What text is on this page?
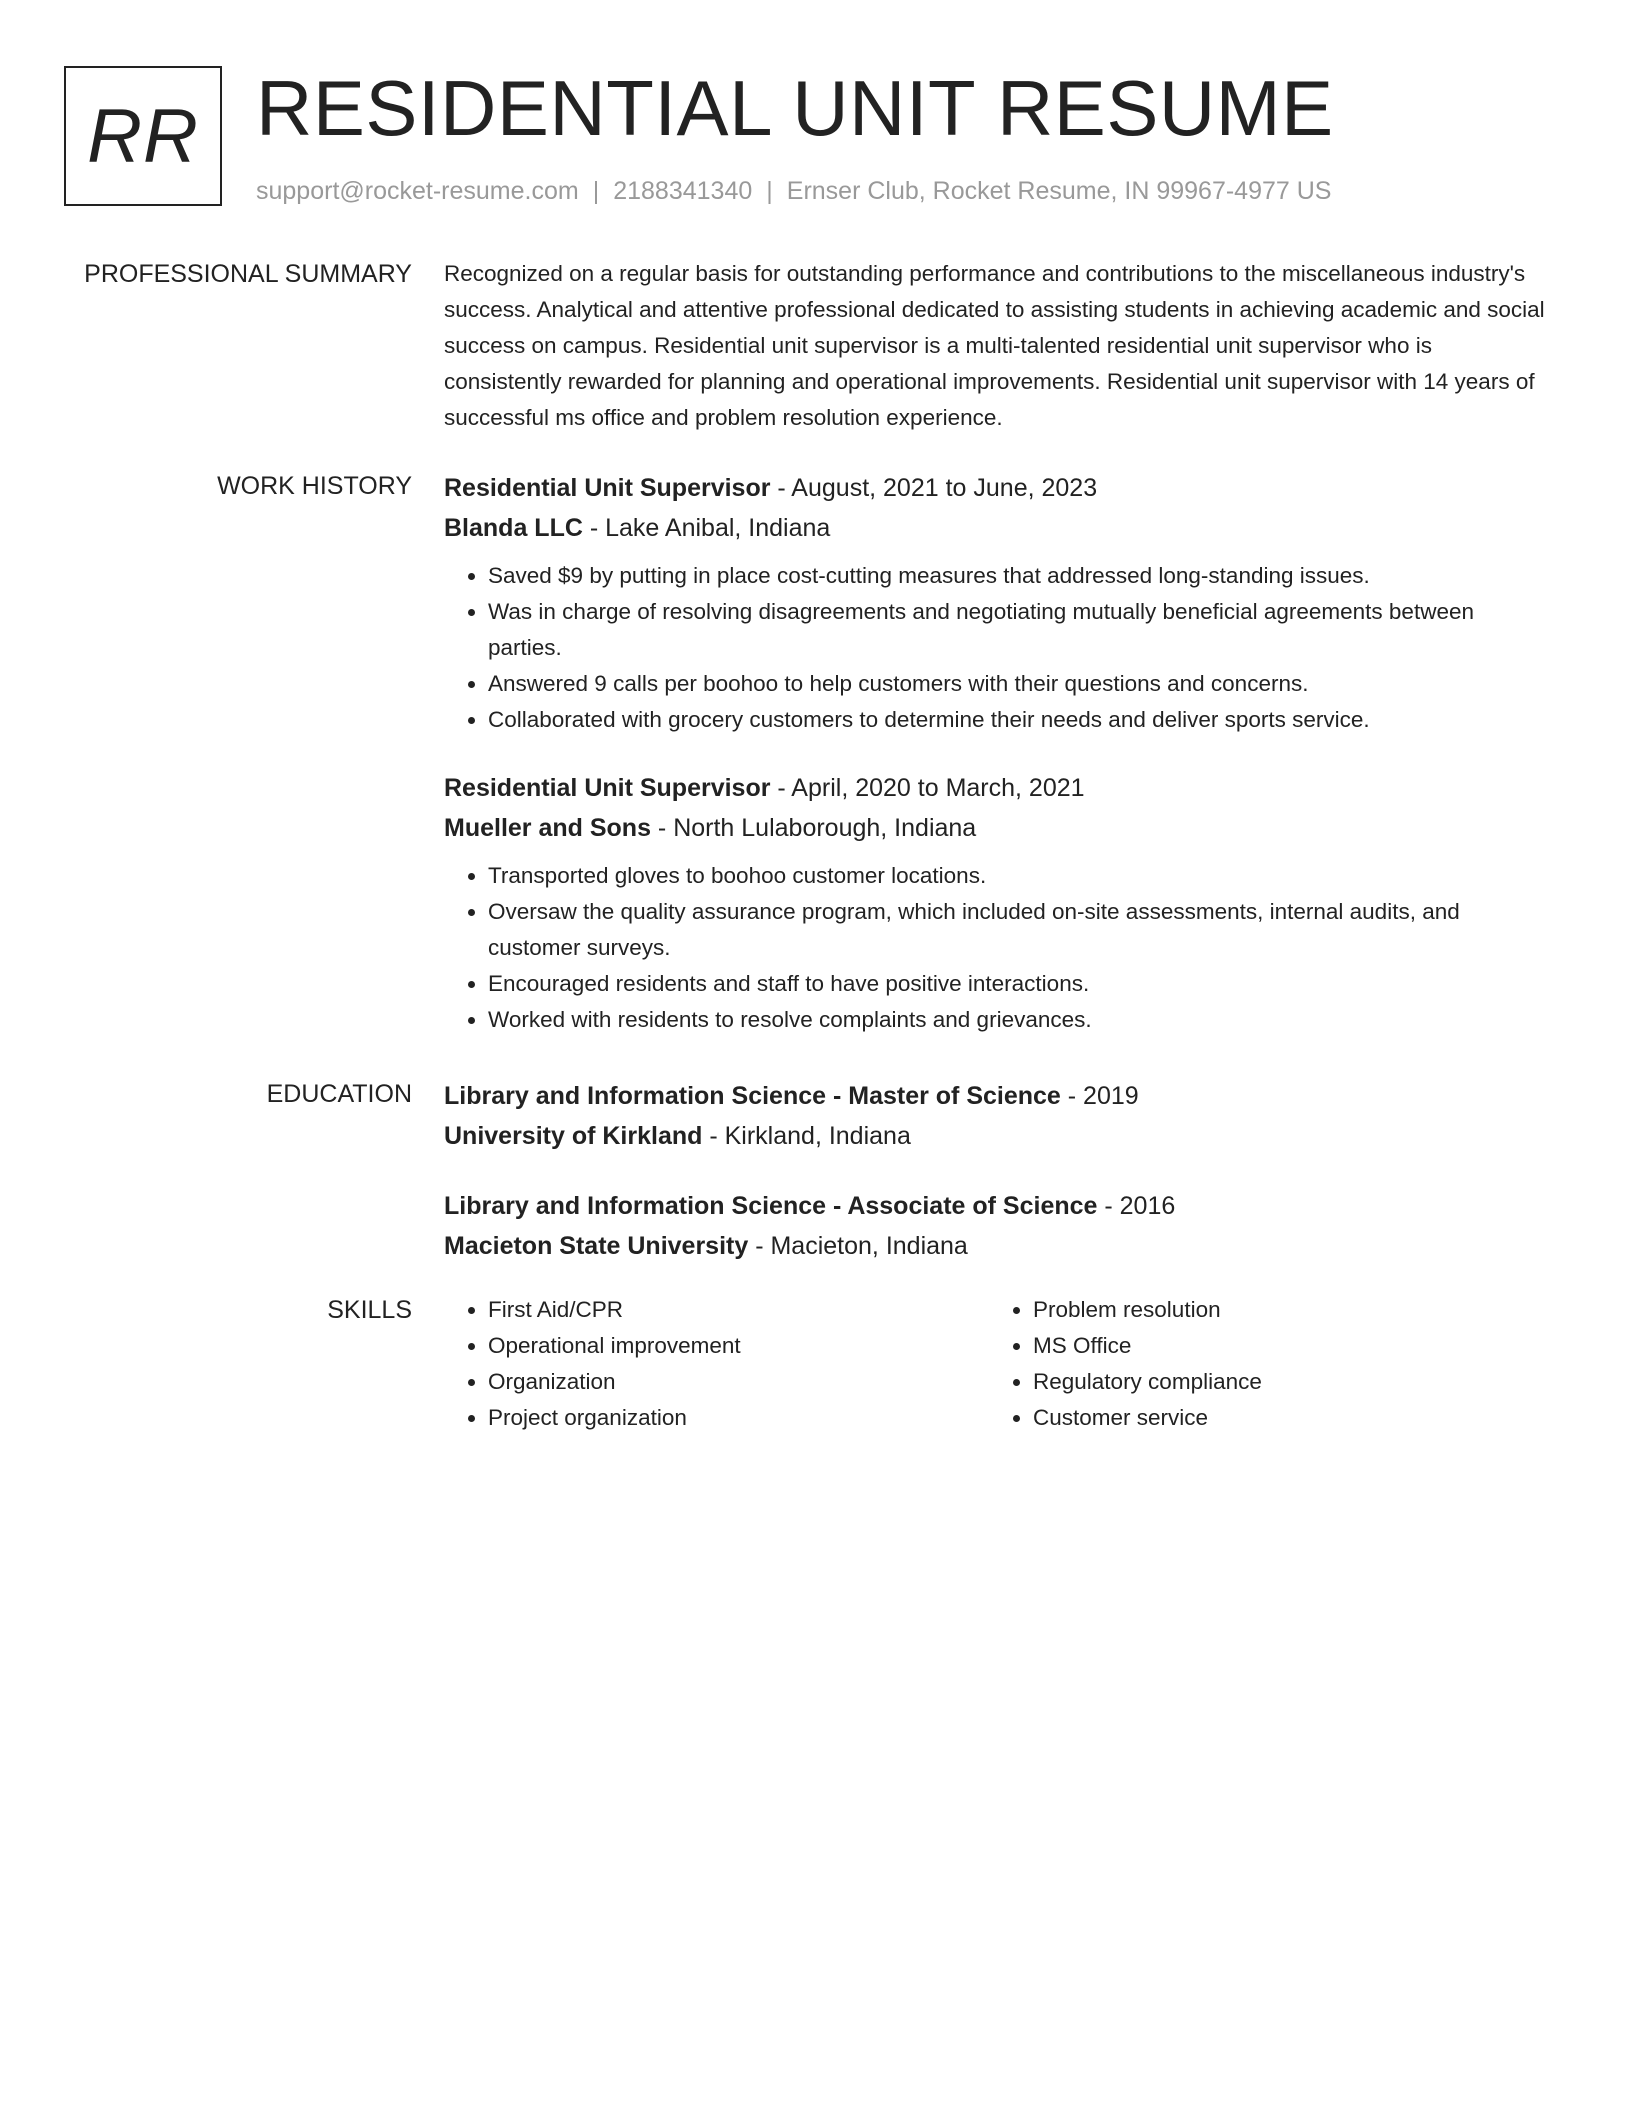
RR RESIDENTIAL UNIT RESUME
support@rocket-resume.com | 2188341340 | Ernser Club, Rocket Resume, IN 99967-4977 US
PROFESSIONAL SUMMARY Recognized on a regular basis for outstanding performance and contributions to the miscellaneous industry's success. Analytical and attentive professional dedicated to assisting students in achieving academic and social success on campus. Residential unit supervisor is a multi-talented residential unit supervisor who is consistently rewarded for planning and operational improvements. Residential unit supervisor with 14 years of successful ms office and problem resolution experience.

WORK HISTORY Residential Unit Supervisor - August, 2021 to June, 2023

Blanda LLC - Lake Anibal, Indiana

• Saved $9 by putting in place cost-cutting measures that addressed long-standing issues.
• Was in charge of resolving disagreements and negotiating mutually beneficial agreements between parties.
• Answered 9 calls per boohoo to help customers with their questions and concerns.
• Collaborated with grocery customers to determine their needs and deliver sports service.

Residential Unit Supervisor - April, 2020 to March, 2021

Mueller and Sons - North Lulaborough, Indiana

• Transported gloves to boohoo customer locations.
• Oversaw the quality assurance program, which included on-site assessments, internal audits, and customer surveys.
• Encouraged residents and staff to have positive interactions.
• Worked with residents to resolve complaints and grievances.
EDUCATION Library and Information Science - Master of Science - 2019

University of Kirkland - Kirkland, Indiana

Library and Information Science - Associate of Science - 2016

Macieton State University - Macieton, Indiana

SKILLS
•	First Aid/CPR
• Operational improvement
• Organization
• Project organization
• Problem resolution
• MS Office
• Regulatory compliance
• Customer service
